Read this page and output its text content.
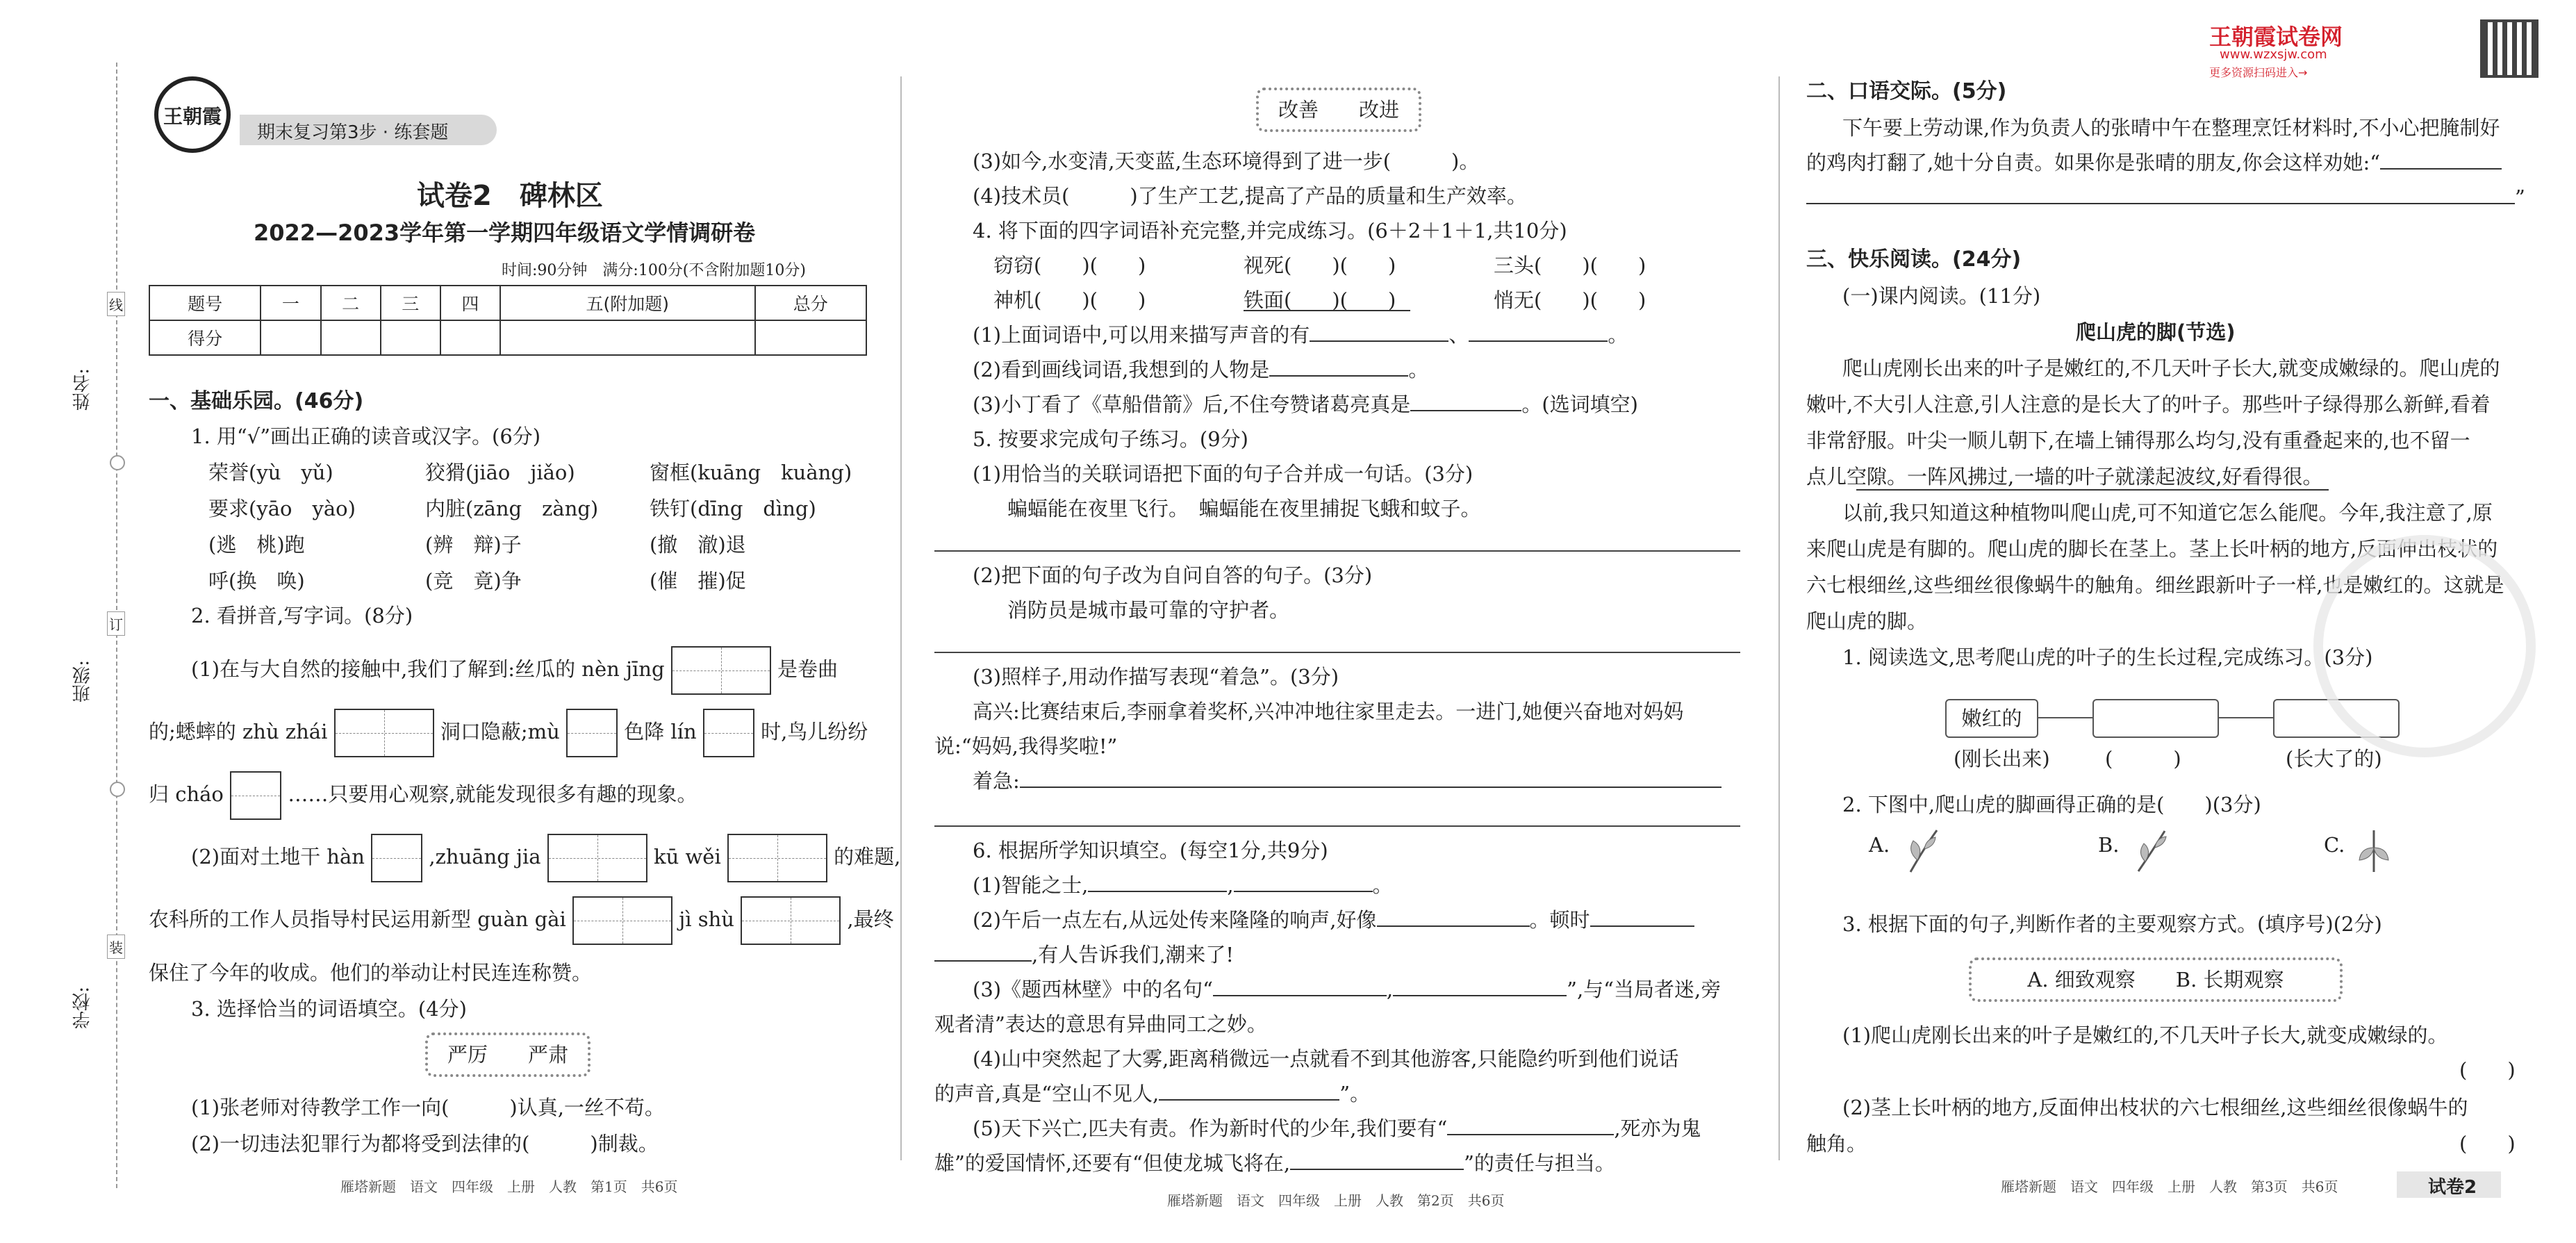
姓名:
班级:
学校:
线
订
装
王朝霞
期末复习第3步 · 练套题
试卷2　碑林区
2022—2023学年第一学期四年级语文学情调研卷
时间:90分钟　满分:100分(不含附加题10分)
题号	一	二	三	四	五(附加题)	总分
得分						
一、基础乐园。(46分)
1. 用“√”画出正确的读音或汉字。(6分)
荣誉(yù　yǔ)	狡猾(jiāo　jiǎo)	窗框(kuāng　kuàng)
要求(yāo　yào)	内脏(zāng　zàng)	铁钉(dīng　dìng)
(逃　桃)跑	(辨　辩)子	(撤　澈)退
呼(换　唤)	(竞　竟)争	(催　摧)促
2. 看拼音,写字词。(8分)
(1)在与大自然的接触中,我们了解到:丝瓜的 nèn jīng	是卷曲
的;蟋蟀的 zhù zhái	洞口隐蔽;mù	色降 lín	时,鸟儿纷纷
归 cháo	……只要用心观察,就能发现很多有趣的现象。
(2)面对土地干 hàn	,zhuāng jia	kū wěi	的难题,
农科所的工作人员指导村民运用新型 guàn gài	jì shù	,最终
保住了今年的收成。他们的举动让村民连连称赞。
3. 选择恰当的词语填空。(4分)
严厉　　严肃
(1)张老师对待教学工作一向(　　　)认真,一丝不苟。
(2)一切违法犯罪行为都将受到法律的(　　　)制裁。
雁塔新题　语文　四年级　上册　人教　第1页　共6页
改善　　改进
(3)如今,水变清,天变蓝,生态环境得到了进一步(　　　)。
(4)技术员(　　　)了生产工艺,提高了产品的质量和生产效率。
4. 将下面的四字词语补充完整,并完成练习。(6＋2＋1＋1,共10分)
窃窃(　　)(　　)	视死(　　)(　　)	三头(　　)(　　)
神机(　　)(　　)	铁面(　　)(　　)	悄无(　　)(　　)
(1)上面词语中,可以用来描写声音的有	、	。
(2)看到画线词语,我想到的人物是	。
(3)小丁看了《草船借箭》后,不住夸赞诸葛亮真是	。(选词填空)
5. 按要求完成句子练习。(9分)
(1)用恰当的关联词语把下面的句子合并成一句话。(3分)
蝙蝠能在夜里飞行。　蝙蝠能在夜里捕捉飞蛾和蚊子。
(2)把下面的句子改为自问自答的句子。(3分)
消防员是城市最可靠的守护者。
(3)照样子,用动作描写表现“着急”。(3分)
高兴:比赛结束后,李丽拿着奖杯,兴冲冲地往家里走去。一进门,她便兴奋地对妈妈
说:“妈妈,我得奖啦!”
着急:
6. 根据所学知识填空。(每空1分,共9分)
(1)智能之士,	,	。
(2)午后一点左右,从远处传来隆隆的响声,好像	。顿时
,有人告诉我们,潮来了!
(3)《题西林壁》中的名句“	,	”,与“当局者迷,旁
观者清”表达的意思有异曲同工之妙。
(4)山中突然起了大雾,距离稍微远一点就看不到其他游客,只能隐约听到他们说话
的声音,真是“空山不见人,	”。
(5)天下兴亡,匹夫有责。作为新时代的少年,我们要有“	,死亦为鬼
雄”的爱国情怀,还要有“但使龙城飞将在,	”的责任与担当。
雁塔新题　语文　四年级　上册　人教　第2页　共6页
王朝霞试卷网
www.wzxsjw.com
更多资源扫码进入→
二、口语交际。(5分)
下午要上劳动课,作为负责人的张晴中午在整理烹饪材料时,不小心把腌制好
的鸡肉打翻了,她十分自责。如果你是张晴的朋友,你会这样劝她:“
”
三、快乐阅读。(24分)
(一)课内阅读。(11分)
爬山虎的脚(节选)
爬山虎刚长出来的叶子是嫩红的,不几天叶子长大,就变成嫩绿的。爬山虎的
嫩叶,不大引人注意,引人注意的是长大了的叶子。那些叶子绿得那么新鲜,看着
非常舒服。叶尖一顺儿朝下,在墙上铺得那么均匀,没有重叠起来的,也不留一
点儿空隙。一阵风拂过,一墙的叶子就漾起波纹,好看得很。
以前,我只知道这种植物叫爬山虎,可不知道它怎么能爬。今年,我注意了,原
来爬山虎是有脚的。爬山虎的脚长在茎上。茎上长叶柄的地方,反面伸出枝状的
六七根细丝,这些细丝很像蜗牛的触角。细丝跟新叶子一样,也是嫩红的。这就是
爬山虎的脚。
1. 阅读选文,思考爬山虎的叶子的生长过程,完成练习。(3分)
嫩红的
(刚长出来)	(　　　)	(长大了的)
2. 下图中,爬山虎的脚画得正确的是(　　)(3分)
A.	B.	C.
3. 根据下面的句子,判断作者的主要观察方式。(填序号)(2分)
A. 细致观察　　B. 长期观察
(1)爬山虎刚长出来的叶子是嫩红的,不几天叶子长大,就变成嫩绿的。
(　　)
(2)茎上长叶柄的地方,反面伸出枝状的六七根细丝,这些细丝很像蜗牛的
触角。	(　　)
雁塔新题　语文　四年级　上册　人教　第3页　共6页	试卷2
